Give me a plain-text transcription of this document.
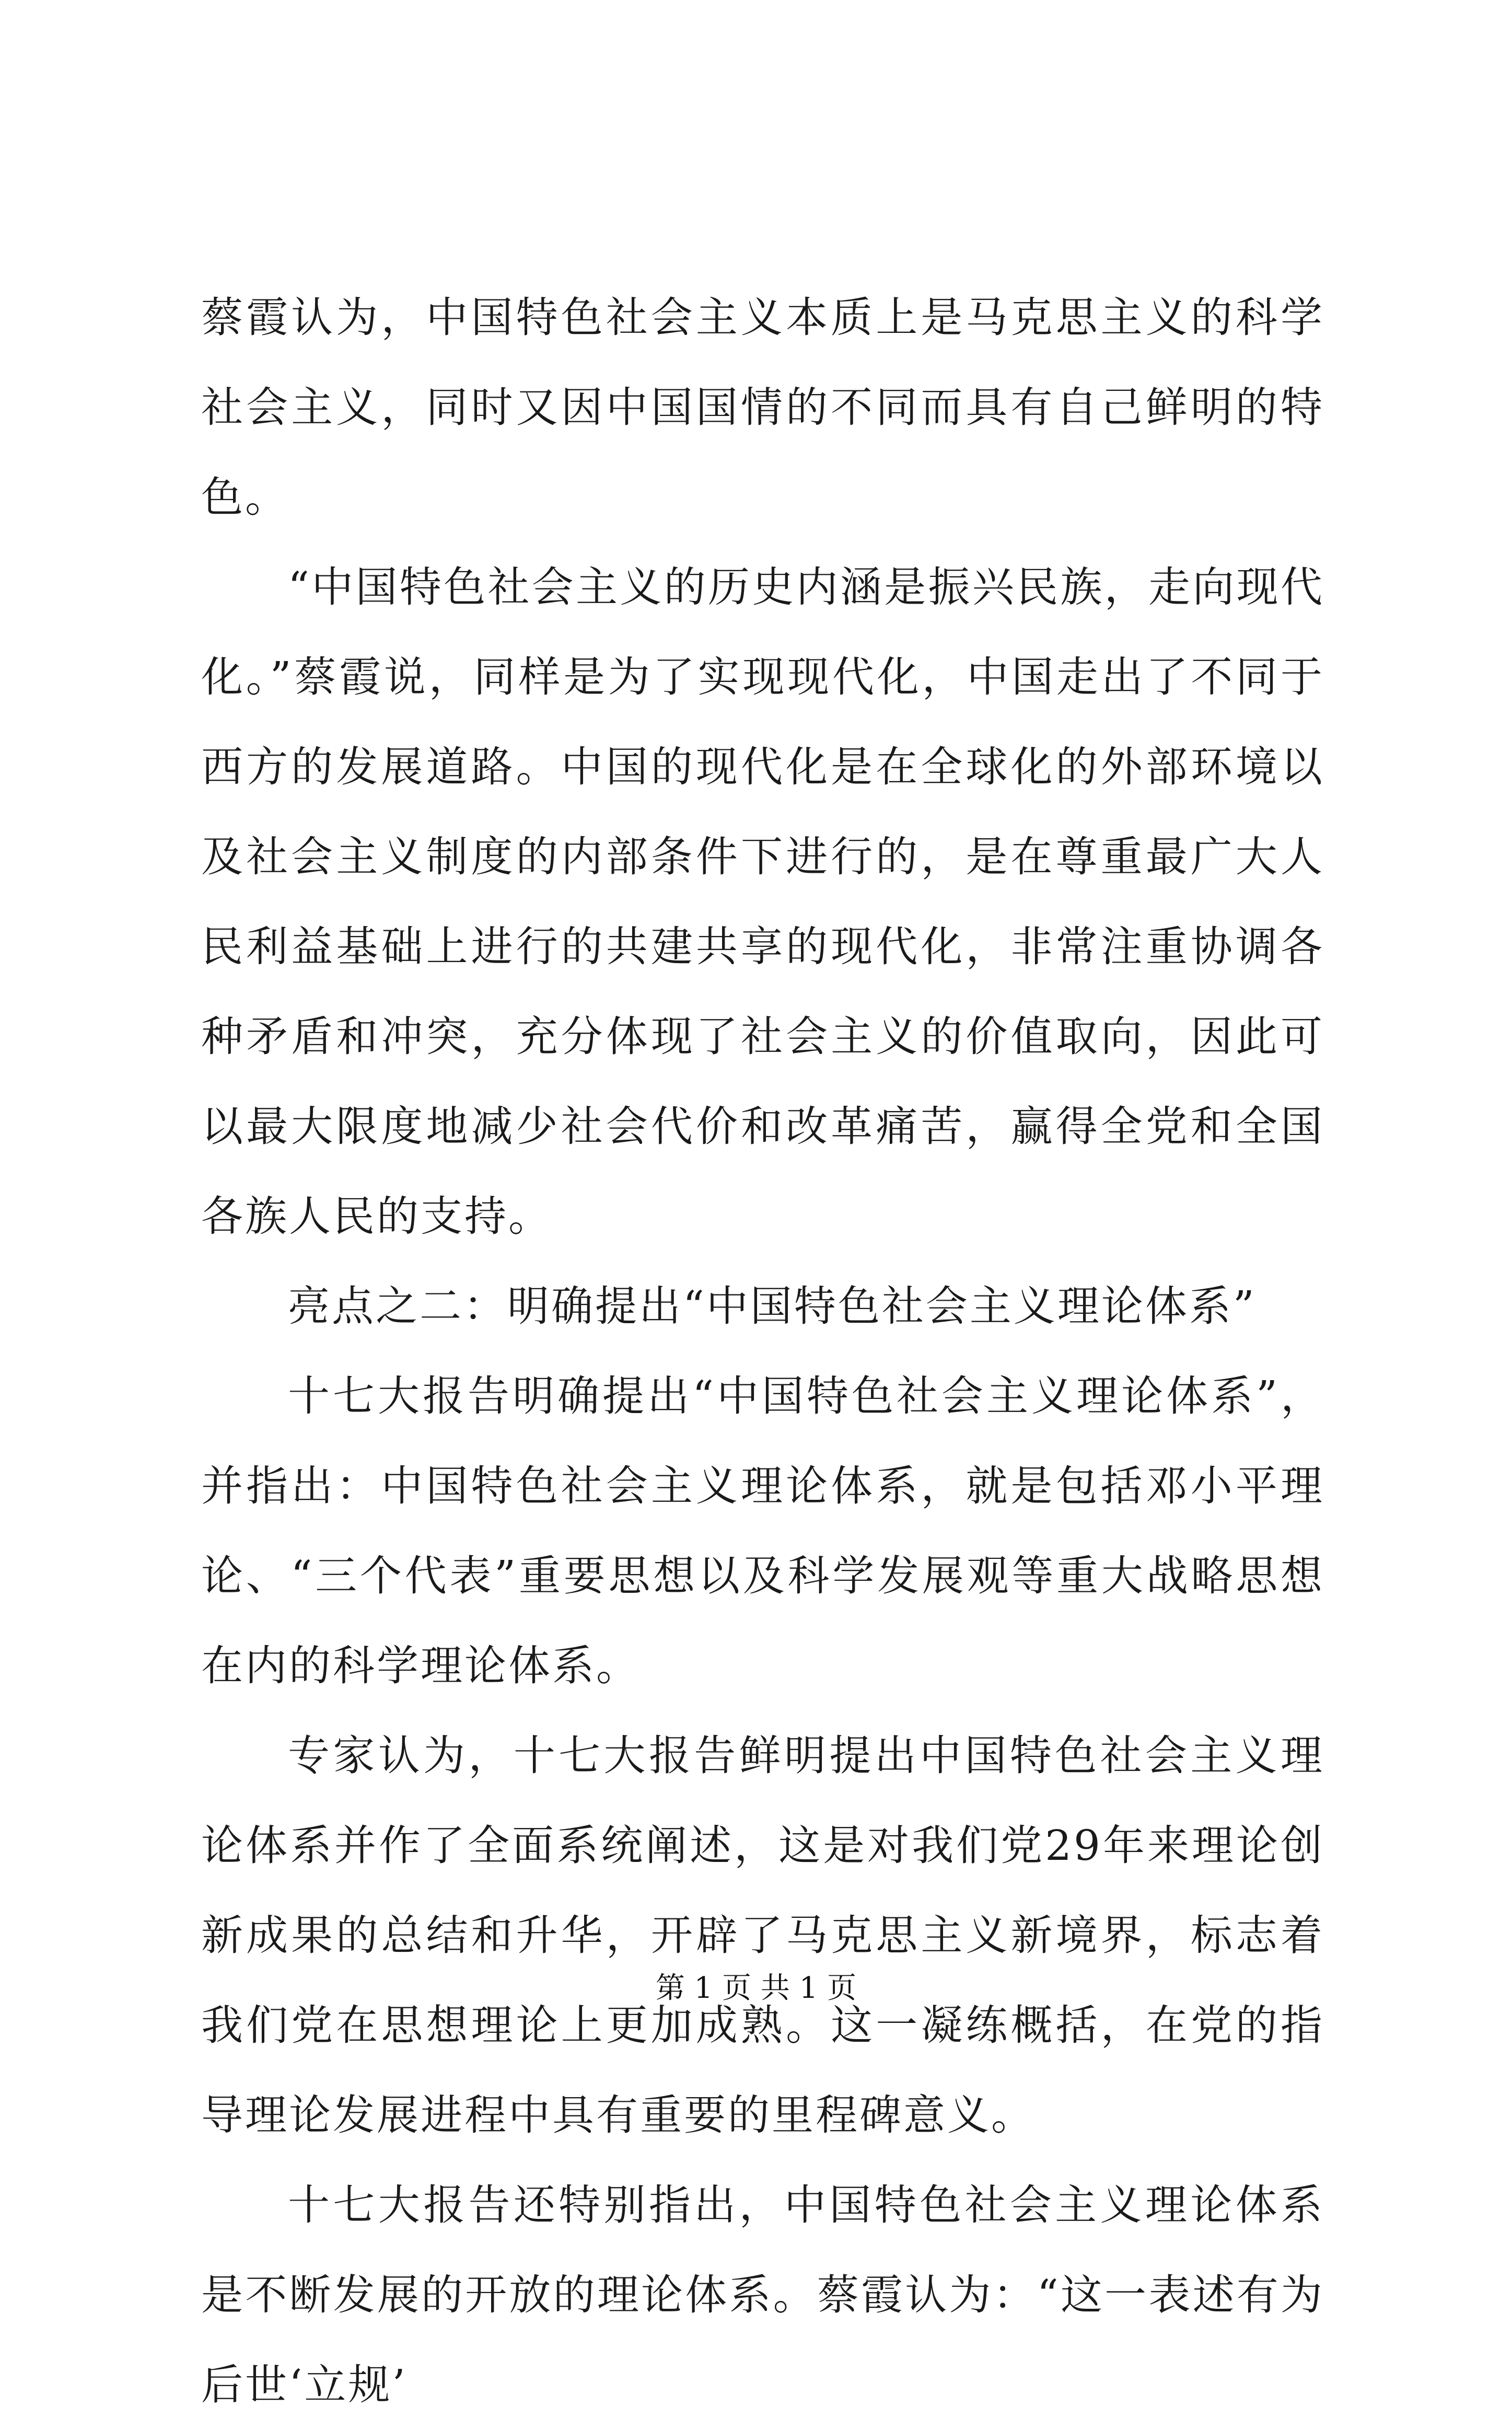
蔡霞认为，中国特色社会主义本质上是马克思主义的科学社会主义，同时又因中国国情的不同而具有自己鲜明的特色。

“中国特色社会主义的历史内涵是振兴民族，走向现代化。”蔡霞说，同样是为了实现现代化，中国走出了不同于西方的发展道路。中国的现代化是在全球化的外部环境以及社会主义制度的内部条件下进行的，是在尊重最广大人民利益基础上进行的共建共享的现代化，非常注重协调各种矛盾和冲突，充分体现了社会主义的价值取向，因此可以最大限度地减少社会代价和改革痛苦，赢得全党和全国各族人民的支持。

亮点之二：明确提出“中国特色社会主义理论体系”

十七大报告明确提出“中国特色社会主义理论体系”，并指出：中国特色社会主义理论体系，就是包括邓小平理论、“三个代表”重要思想以及科学发展观等重大战略思想在内的科学理论体系。

专家认为，十七大报告鲜明提出中国特色社会主义理论体系并作了全面系统阐述，这是对我们党29年来理论创新成果的总结和升华，开辟了马克思主义新境界，标志着我们党在思想理论上更加成熟。这一凝练概括，在党的指导理论发展进程中具有重要的里程碑意义。

十七大报告还特别指出，中国特色社会主义理论体系是不断发展的开放的理论体系。蔡霞认为：“这一表述有为后世‘立规’

第 1 页 共 1 页
